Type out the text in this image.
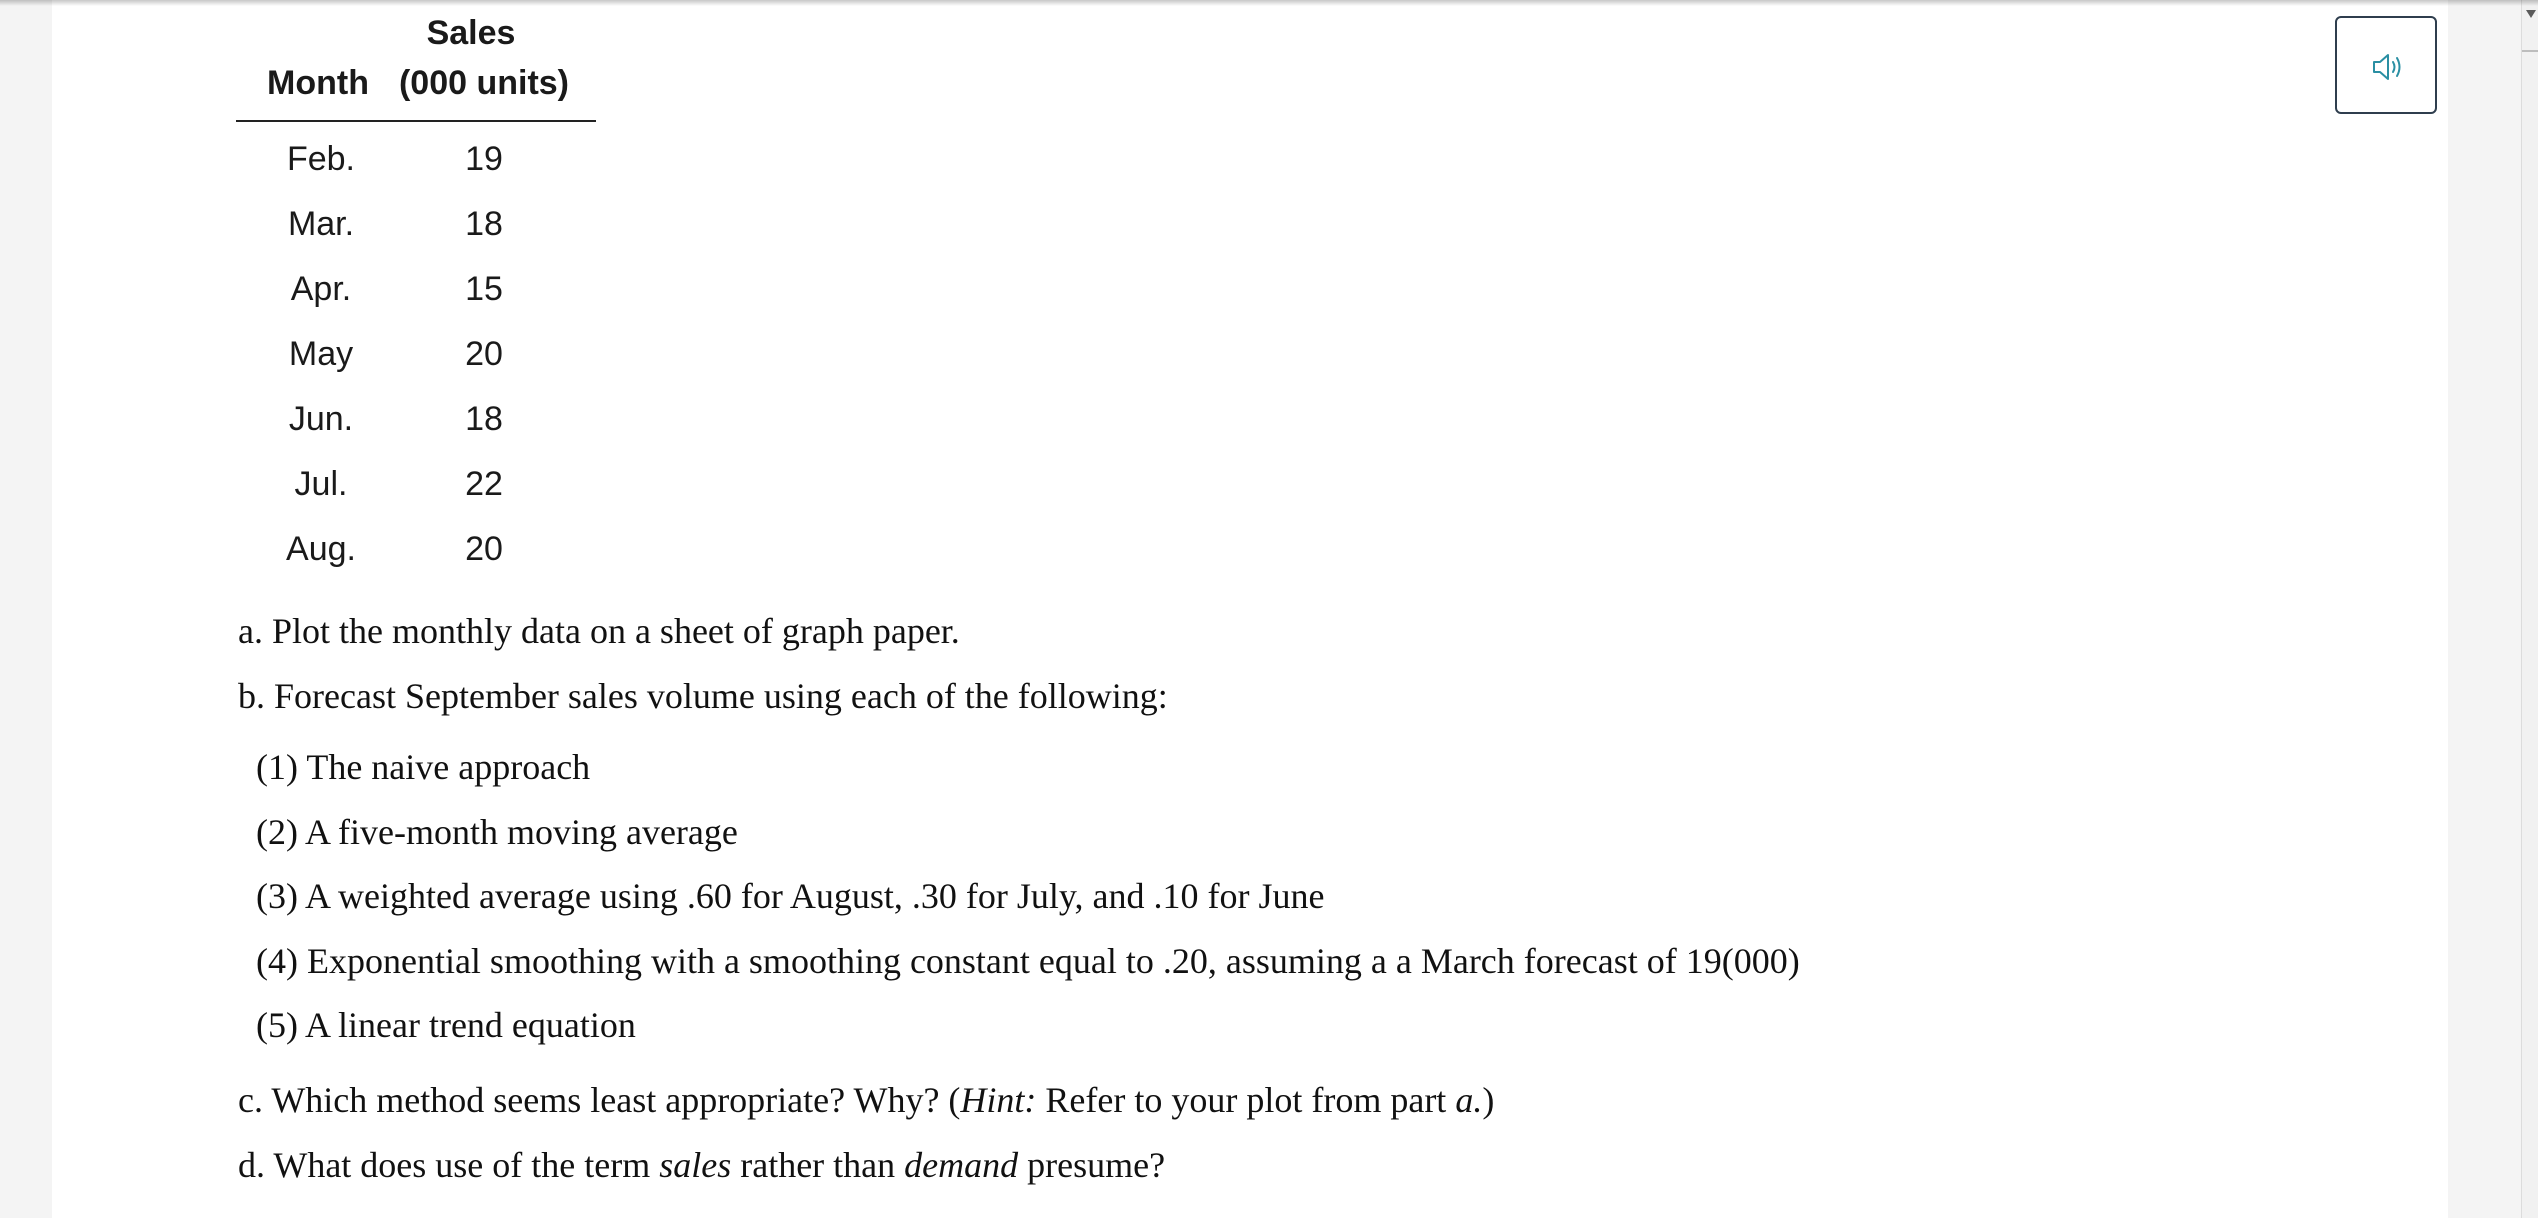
Sales
Month (000 units)
Feb.	19
Mar.	18
Apr.	15
May	20
Jun.	18
Jul.	22
Aug.	20
a. Plot the monthly data on a sheet of graph paper.
b. Forecast September sales volume using each of the following:
(1) The naive approach
(2) A five-month moving average
(3) A weighted average using .60 for August, .30 for July, and .10 for June
(4) Exponential smoothing with a smoothing constant equal to .20, assuming a a March forecast of 19(000)
(5) A linear trend equation
c. Which method seems least appropriate? Why? (Hint: Refer to your plot from part a.)
d. What does use of the term sales rather than demand presume?
